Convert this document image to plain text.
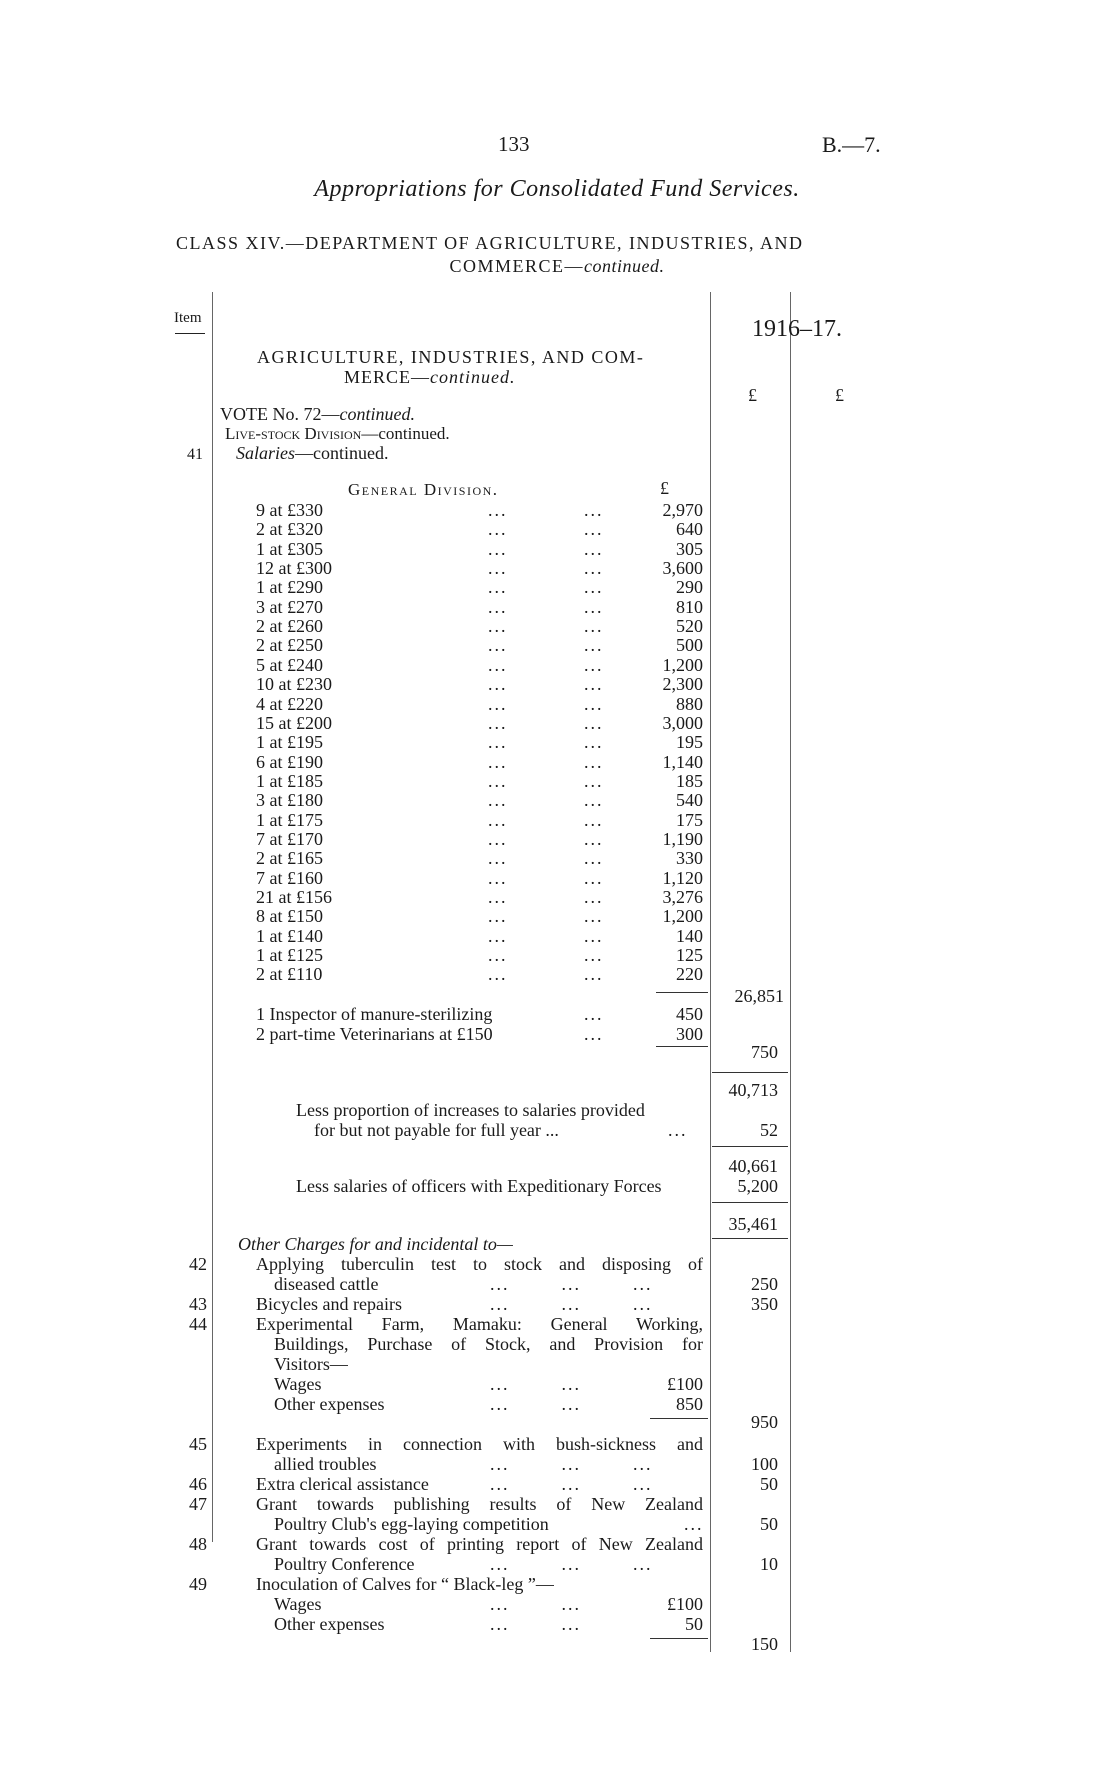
133	B.—7.
Appropriations for Consolidated Fund Services.
CLASS XIV.—DEPARTMENT OF AGRICULTURE, INDUSTRIES, AND
COMMERCE—continued.
Item	1916–17.
AGRICULTURE, INDUSTRIES, AND COM-
MERCE—continued.
£	£
VOTE No. 72—continued.
Live-stock Division—continued.
41 Salaries—continued.
General Division.	£
9 at £330	...	...	2,970
2 at £320	...	...	640
1 at £305	...	...	305
12 at £300	...	...	3,600
1 at £290	...	...	290
3 at £270	...	...	810
2 at £260	...	...	520
2 at £250	...	...	500
5 at £240	...	...	1,200
10 at £230	...	...	2,300
4 at £220	...	...	880
15 at £200	...	...	3,000
1 at £195	...	...	195
6 at £190	...	...	1,140
1 at £185	...	...	185
3 at £180	...	...	540
1 at £175	...	...	175
7 at £170	...	...	1,190
2 at £165	...	...	330
7 at £160	...	...	1,120
21 at £156	...	...	3,276
8 at £150	...	...	1,200
1 at £140	...	...	140
1 at £125	...	...	125
2 at £110	...	...	220
26,851
1 Inspector of manure-sterilizing	...	450
2 part-time Veterinarians at £150	...	300
750
40,713
Less proportion of increases to salaries provided
for but not payable for full year ...	...	52
40,661
Less salaries of officers with Expeditionary Forces	5,200
35,461
Other Charges for and incidental to—
42	Applying tuberculin test to stock and disposing of
diseased cattle	...        ...        ...	250
43	Bicycles and repairs	...        ...        ...	350
44	Experimental Farm, Mamaku: General Working,
Buildings, Purchase of Stock, and Provision for
Visitors—
Wages	...        ...	£100
Other expenses	...        ...	850
950
45	Experiments in connection with bush-sickness and
allied troubles	...        ...        ...	100
46	Extra clerical assistance	...        ...        ...	50
47	Grant towards publishing results of New Zealand
Poultry Club's egg-laying competition	...	50
48	Grant towards cost of printing report of New Zealand
Poultry Conference	...        ...        ...	10
49	Inoculation of Calves for “ Black-leg ”—
Wages	...        ...	£100
Other expenses	...        ...	50
150
